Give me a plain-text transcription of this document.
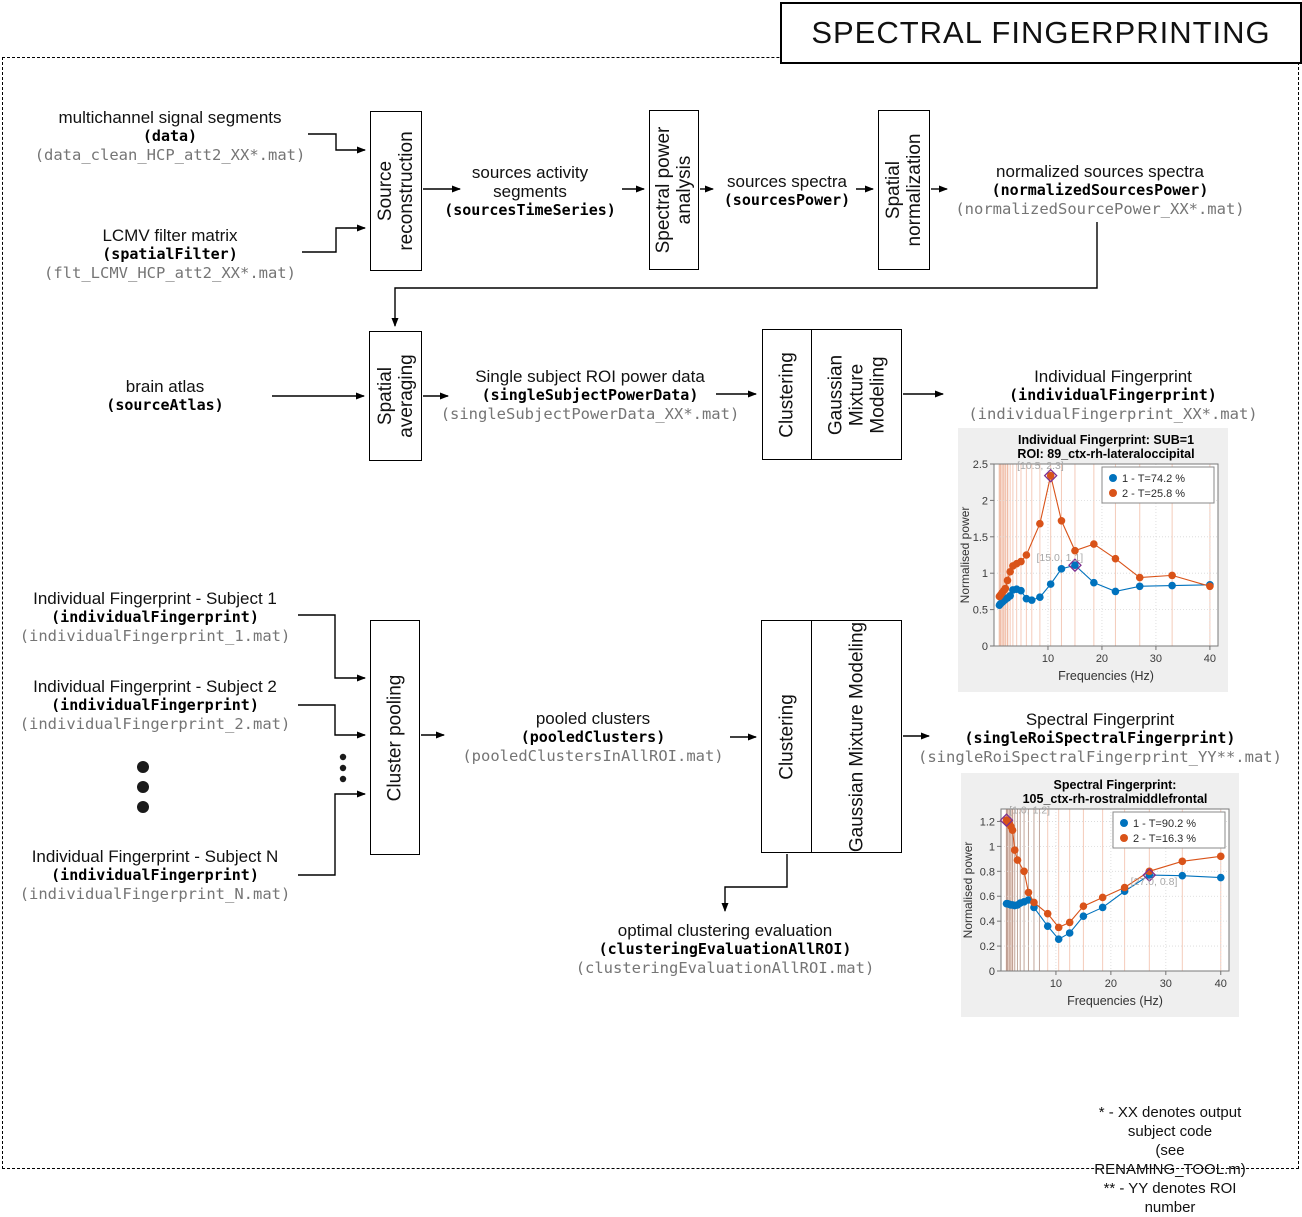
SPECTRAL FINGERPRINTING
multichannel signal segments
(data)
(data_clean_HCP_att2_XX*.mat)
LCMV filter matrix
(spatialFilter)
(flt_LCMV_HCP_att2_XX*.mat)
sources activity segments
(sourcesTimeSeries)
sources spectra
(sourcesPower)
normalized sources spectra
(normalizedSourcesPower)
(normalizedSourcePower_XX*.mat)
brain atlas
(sourceAtlas)
Single subject ROI power data
(singleSubjectPowerData)
(singleSubjectPowerData_XX*.mat)
Individual Fingerprint
(individualFingerprint)
(individualFingerprint_XX*.mat)
Individual Fingerprint - Subject 1
(individualFingerprint)
(individualFingerprint_1.mat)
Individual Fingerprint - Subject 2
(individualFingerprint)
(individualFingerprint_2.mat)
Individual Fingerprint - Subject N
(individualFingerprint)
(individualFingerprint_N.mat)
pooled clusters
(pooledClusters)
(pooledClustersInAllROI.mat)
optimal clustering evaluation
(clusteringEvaluationAllROI)
(clusteringEvaluationAllROI.mat)
Spectral Fingerprint
(singleRoiSpectralFingerprint)
(singleRoiSpectralFingerprint_YY**.mat)
Source reconstruction	Spectral power analysis	Spatial normalization
Spatial averaging	Clustering Gaussian Mixture Modeling
Cluster pooling	Clustering	Gaussian Mixture Modeling	0
0.5
1
1.5
2
2.5
10	20	30	40
[10.5, 2.3]
[15.0, 1.1]
1 - T=74.2 %
2 - T=25.8 %
Individual Fingerprint: SUB=1
ROI: 89_ctx-rh-lateraloccipital
Normalised power
Frequencies (Hz)
0
0.2
0.4
0.6
0.8
1
1.2
10	20	30	40
[1.0, 1.2]
[27.0, 0.8]
1 - T=90.2 %
2 - T=16.3 %
Spectral Fingerprint:
105_ctx-rh-rostralmiddlefrontal
Normalised power
Frequencies (Hz)
* - XX denotes output subject code
(see RENAMING_TOOL.m)
** - YY denotes ROI number
